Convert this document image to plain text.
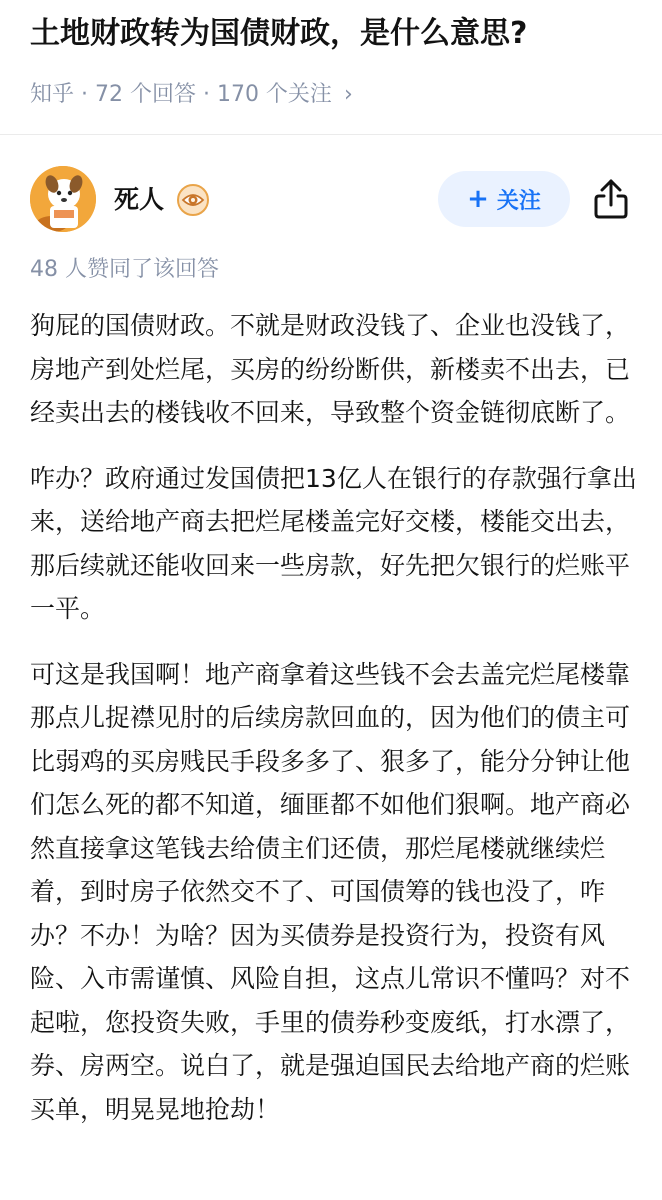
土地财政转为国债财政，是什么意思?
知乎 · 72 个回答 · 170 个关注 ›
死人	+ 关注
48 人赞同了该回答

狗屁的国债财政。不就是财政没钱了、企业也没钱了，房地产到处烂尾，买房的纷纷断供，新楼卖不出去，已经卖出去的楼钱收不回来，导致整个资金链彻底断了。

咋办？政府通过发国债把13亿人在银行的存款强行拿出来，送给地产商去把烂尾楼盖完好交楼，楼能交出去，那后续就还能收回来一些房款，好先把欠银行的烂账平一平。

可这是我国啊！地产商拿着这些钱不会去盖完烂尾楼靠那点儿捉襟见肘的后续房款回血的，因为他们的债主可比弱鸡的买房贱民手段多多了、狠多了，能分分钟让他们怎么死的都不知道，缅匪都不如他们狠啊。地产商必然直接拿这笔钱去给债主们还债，那烂尾楼就继续烂着，到时房子依然交不了、可国债筹的钱也没了，咋办？不办！为啥？因为买债券是投资行为，投资有风险、入市需谨慎、风险自担，这点儿常识不懂吗？对不起啦，您投资失败，手里的债券秒变废纸，打水漂了，券、房两空。说白了，就是强迫国民去给地产商的烂账买单，明晃晃地抢劫！
